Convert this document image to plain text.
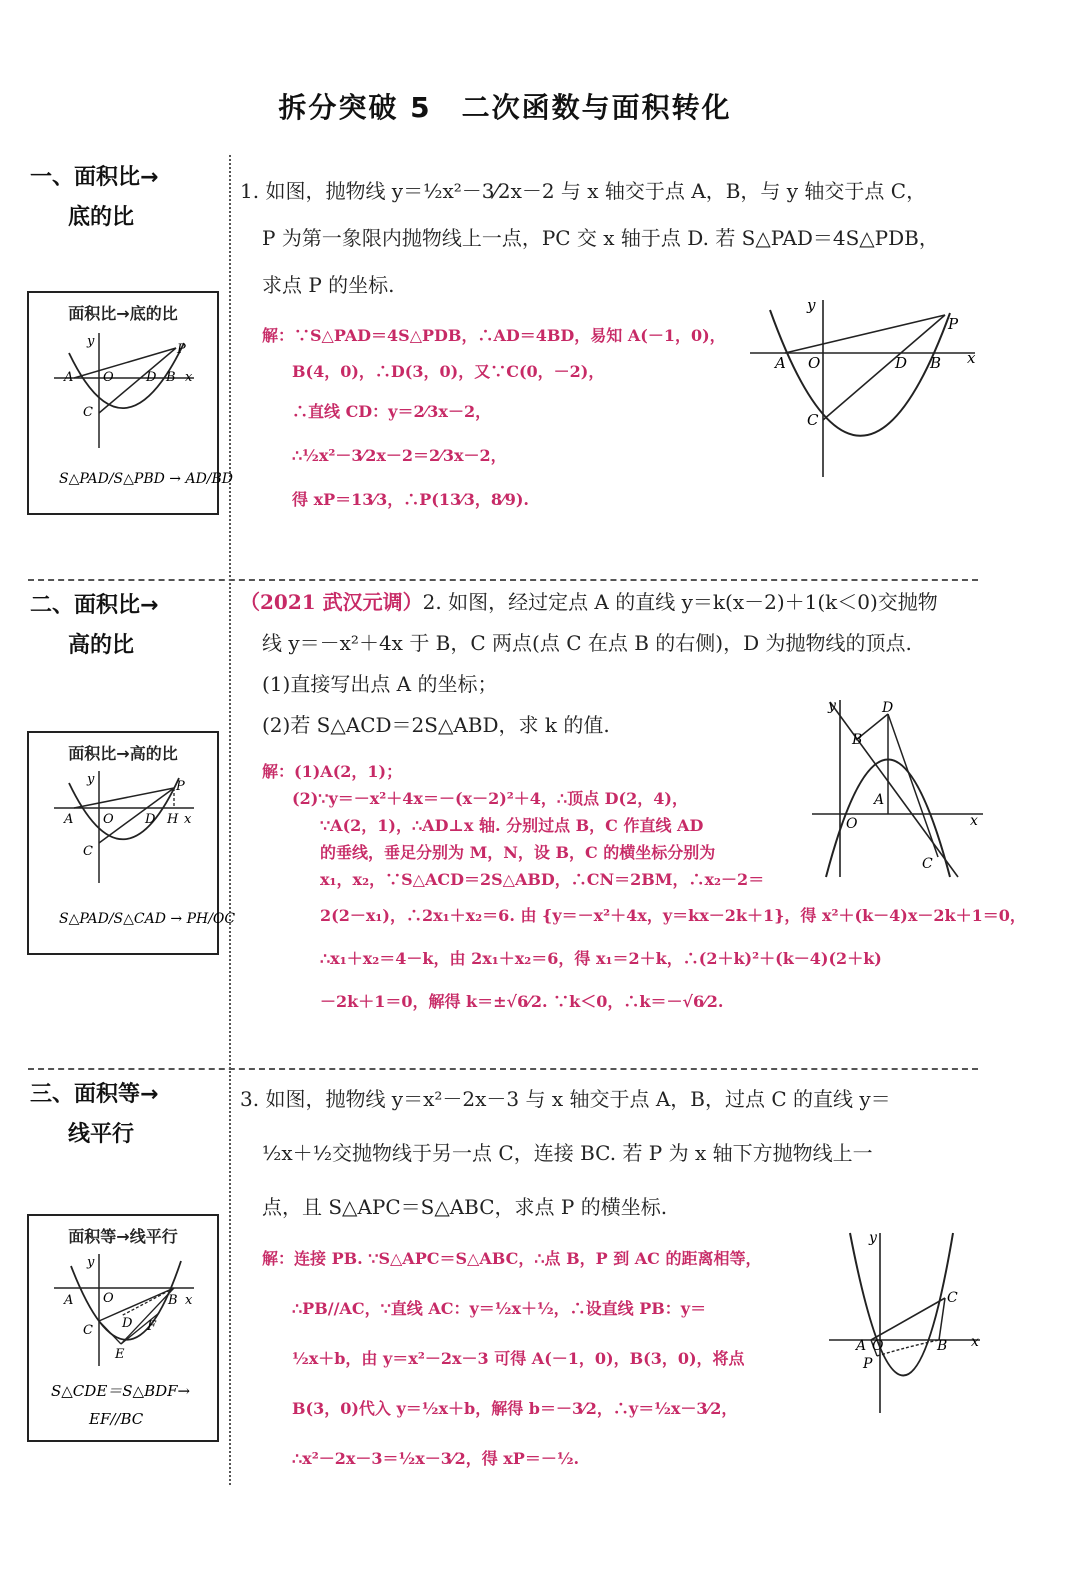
拆分突破 5　二次函数与面积转化
一、面积比→
底的比
面积比→底的比
y
P
A O D B x
C
S△PAD/S△PBD → AD/BD

1. 如图，抛物线 y＝½x²－3⁄2x－2 与 x 轴交于点 A，B，与 y 轴交于点 C，

P 为第一象限内抛物线上一点，PC 交 x 轴于点 D. 若 S△PAD＝4S△PDB，

求点 P 的坐标.

解：∵S△PAD＝4S△PDB，∴AD＝4BD，易知 A(－1，0)，

B(4，0)，∴D(3，0)，又∵C(0，－2)，

∴直线 CD：y＝2⁄3x－2，

∴½x²－3⁄2x－2＝2⁄3x－2，

得 xP＝13⁄3，∴P(13⁄3，8⁄9).

y
P
A O	D B x
C
二、面积比→
高的比
面积比→高的比
y	P
A O D H x
C
S△PAD/S△CAD → PH/OC

（2021 武汉元调）2. 如图，经过定点 A 的直线 y＝k(x－2)＋1(k＜0)交抛物

线 y＝－x²＋4x 于 B，C 两点(点 C 在点 B 的右侧)，D 为抛物线的顶点.

(1)直接写出点 A 的坐标；

(2)若 S△ACD＝2S△ABD，求 k 的值.

解：(1)A(2，1)；

(2)∵y＝－x²＋4x＝－(x－2)²＋4，∴顶点 D(2，4)，

∵A(2，1)，∴AD⊥x 轴. 分别过点 B，C 作直线 AD

的垂线，垂足分别为 M，N，设 B，C 的横坐标分别为

x₁，x₂，∵S△ACD＝2S△ABD，∴CN＝2BM，∴x₂－2＝

2(2－x₁)，∴2x₁＋x₂＝6. 由 {y＝－x²＋4x，y＝kx－2k＋1}，得 x²＋(k－4)x－2k＋1＝0，

∴x₁＋x₂＝4－k，由 2x₁＋x₂＝6，得 x₁＝2＋k，∴(2＋k)²＋(k－4)(2＋k)

－2k＋1＝0，解得 k＝±√6⁄2. ∵k＜0，∴k＝－√6⁄2.

y	D
B
A
O	x
C
三、面积等→
线平行
面积等→线平行
y
A O	B x
C D F
E
S△CDE＝S△BDF→
EF//BC

3. 如图，抛物线 y＝x²－2x－3 与 x 轴交于点 A，B，过点 C 的直线 y＝

½x＋½交抛物线于另一点 C，连接 BC. 若 P 为 x 轴下方抛物线上一

点，且 S△APC＝S△ABC，求点 P 的横坐标.

解：连接 PB. ∵S△APC＝S△ABC，∴点 B，P 到 AC 的距离相等，

∴PB//AC，∵直线 AC：y＝½x＋½，∴设直线 PB：y＝

½x＋b，由 y＝x²－2x－3 可得 A(－1，0)，B(3，0)，将点

B(3，0)代入 y＝½x＋b，解得 b＝－3⁄2，∴y＝½x－3⁄2，

∴x²－2x－3＝½x－3⁄2，得 xP＝－½.

y
C
A O	B x
P
